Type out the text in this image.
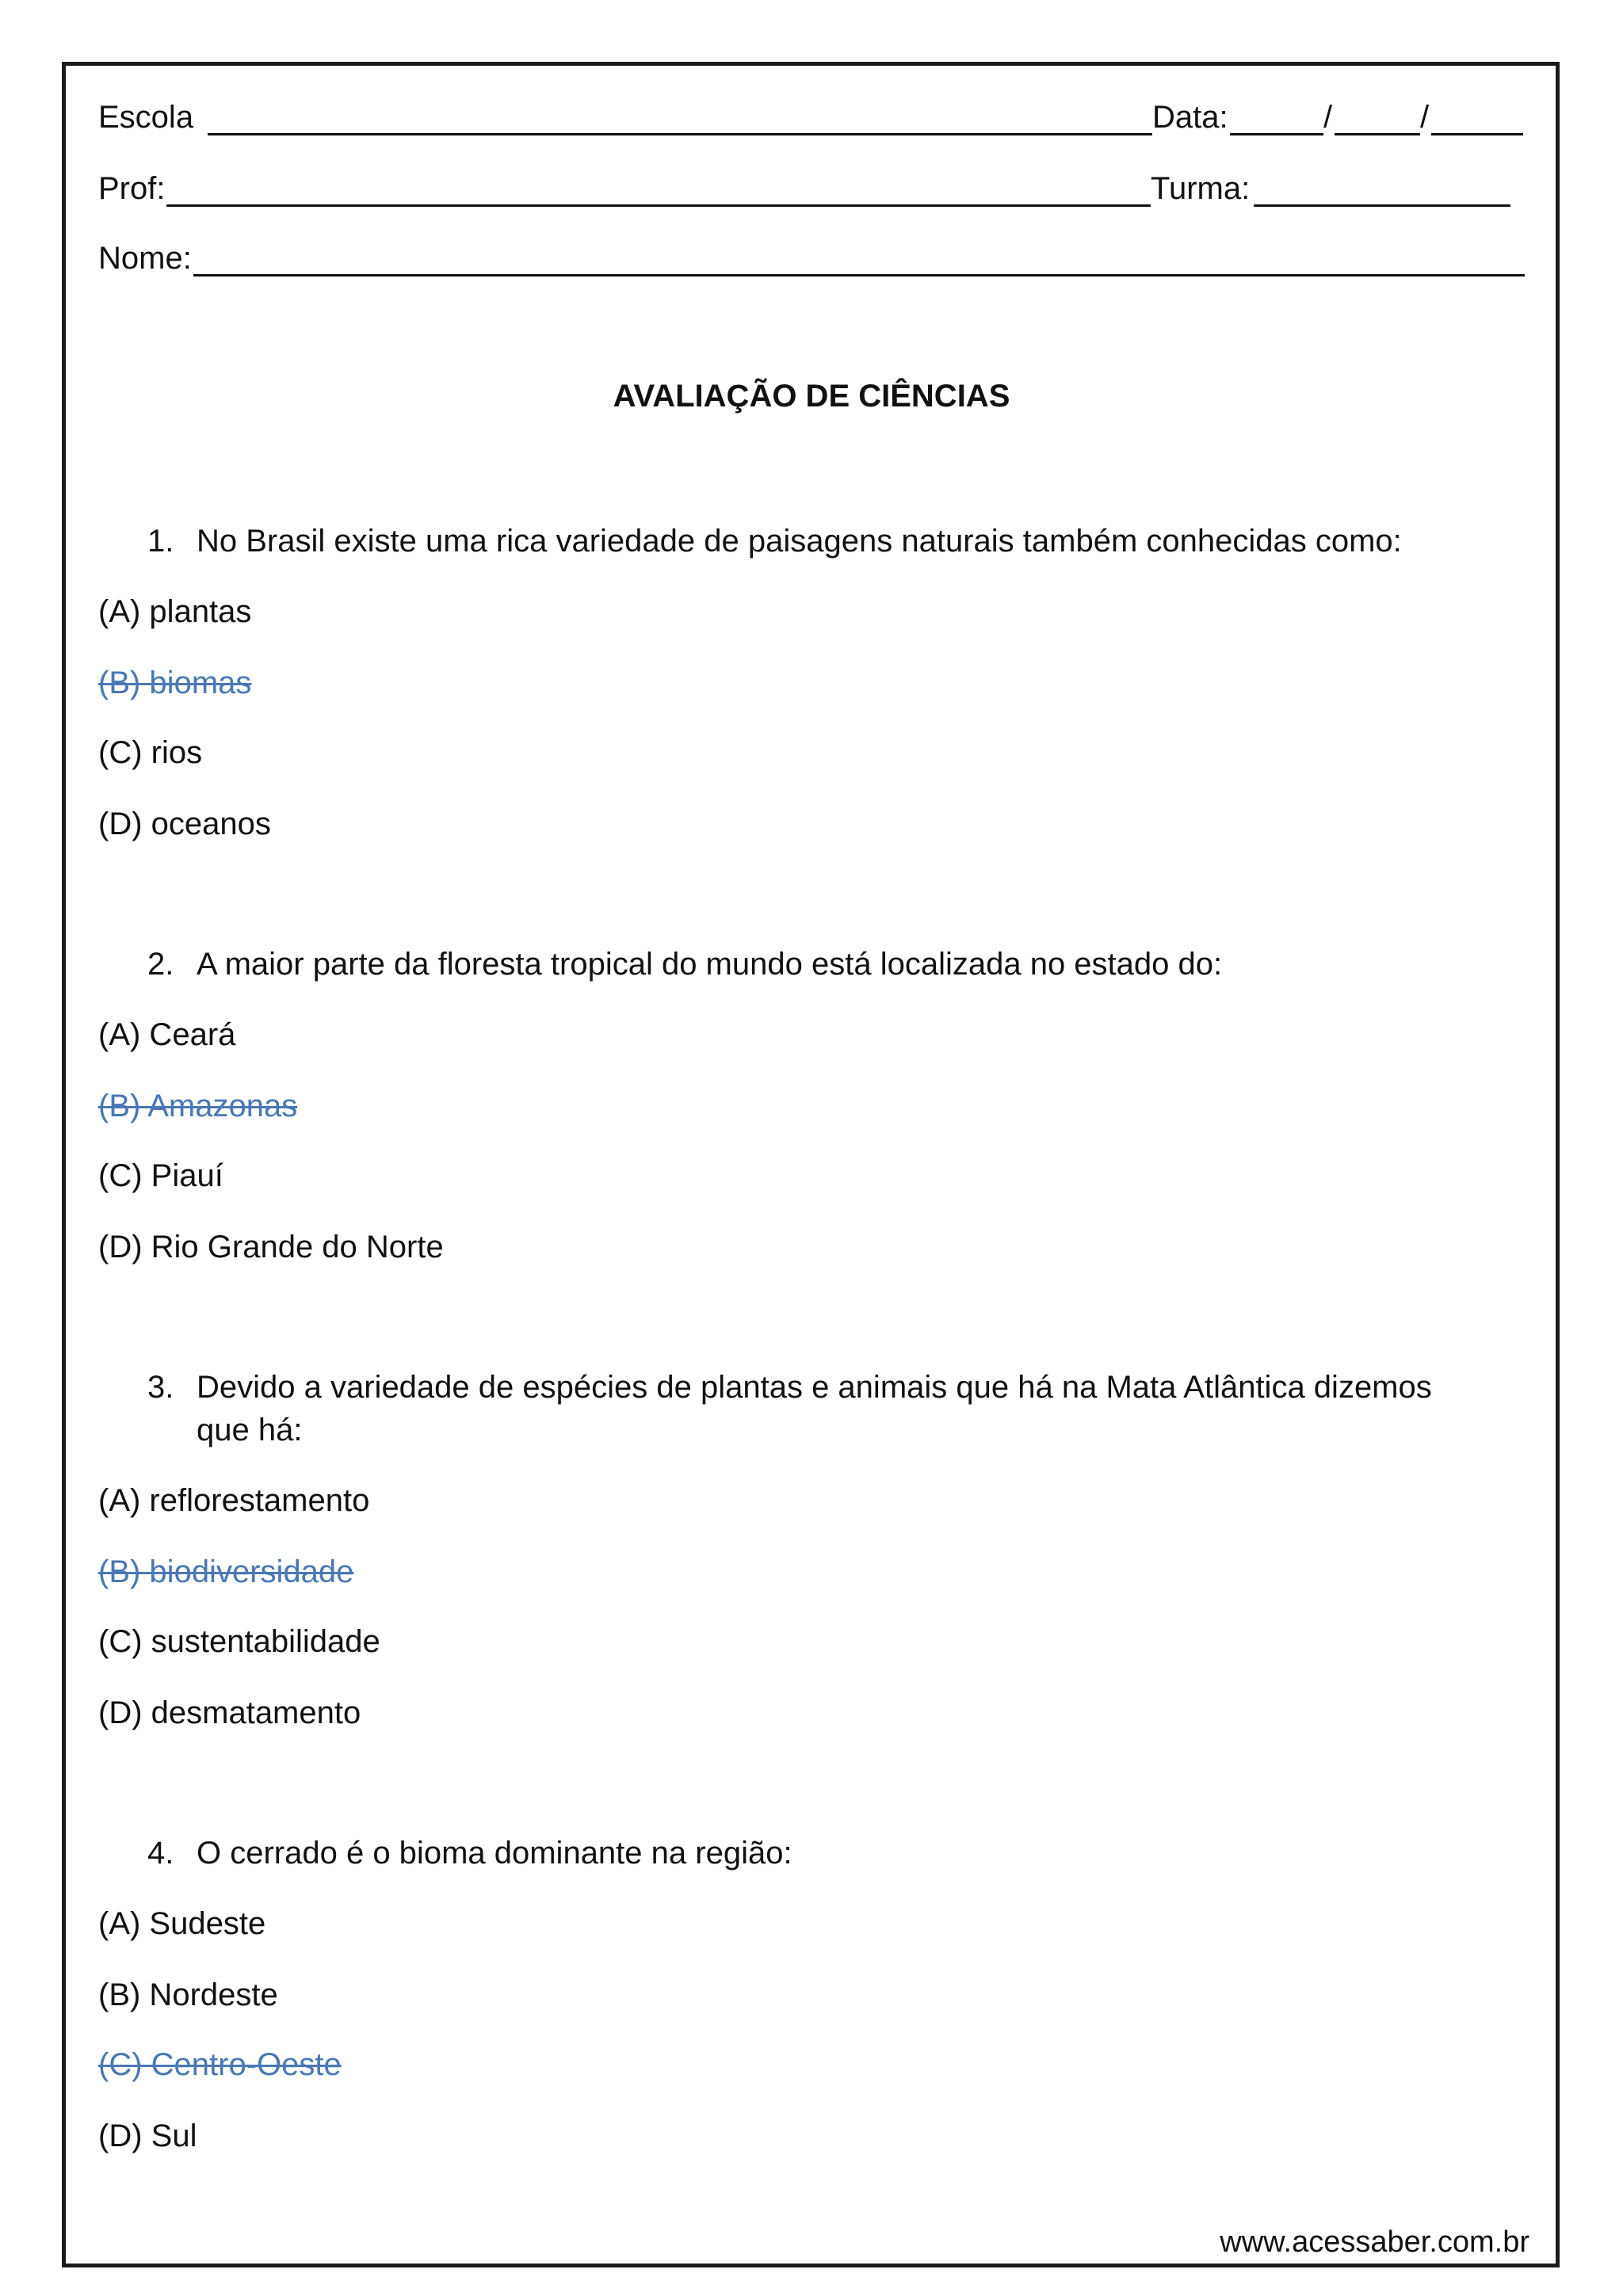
Escola	Data:	/	/
Prof:	Turma:
Nome:
AVALIAÇÃO DE CIÊNCIAS
1. No Brasil existe uma rica variedade de paisagens naturais também conhecidas como:
(A) plantas
(B) biomas
(C) rios
(D) oceanos
2. A maior parte da floresta tropical do mundo está localizada no estado do:
(A) Ceará
(B) Amazonas
(C) Piauí
(D) Rio Grande do Norte
3. Devido a variedade de espécies de plantas e animais que há na Mata Atlântica dizemos que há:
(A) reflorestamento
(B) biodiversidade
(C) sustentabilidade
(D) desmatamento
4. O cerrado é o bioma dominante na região:
(A) Sudeste
(B) Nordeste
(C) Centro-Oeste
(D) Sul
www.acessaber.com.br
